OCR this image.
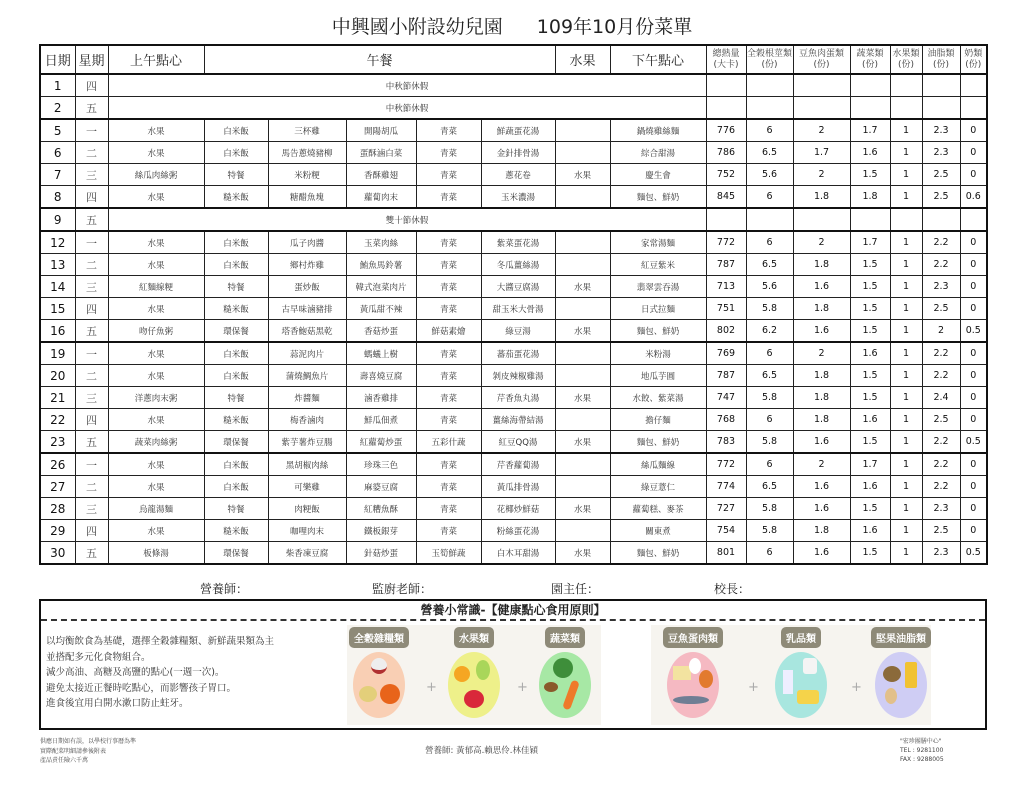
中興國小附設幼兒園 109年10月份菜單
日期	星期	上午點心	午餐					水果	下午點心	總熱量(大卡)	全穀根莖類(份)	豆魚肉蛋類(份)	蔬菜類(份)	水果類(份)	油脂類(份)	奶類(份)
1	四	中秋節休假														
2	五	中秋節休假														
5	一	水果	白米飯	三杯雞	開陽胡瓜	青菜	鮮蔬蛋花湯		鍋燒雞絲麵	776	6	2	1.7	1	2.3	0
6	二	水果	白米飯	馬告蔥燒豬柳	蛋酥滷白菜	青菜	金針排骨湯		綜合甜湯	786	6.5	1.7	1.6	1	2.3	0
7	三	絲瓜肉絲粥	特餐	米粉粳	香酥雞翅	青菜	蔥花卷	水果	慶生會	752	5.6	2	1.5	1	2.5	0
8	四	水果	糙米飯	糖醋魚塊	蘿蔔肉末	青菜	玉米濃湯		麵包、鮮奶	845	6	1.8	1.8	1	2.5	0.6
9	五	雙十節休假														
12	一	水果	白米飯	瓜子肉醬	玉菜肉絲	青菜	紫菜蛋花湯		家常湯麵	772	6	2	1.7	1	2.2	0
13	二	水果	白米飯	鄉村炸雞	鮪魚馬鈴薯	青菜	冬瓜薑絲湯		紅豆紫米	787	6.5	1.8	1.5	1	2.2	0
14	三	紅麵線粳	特餐	蛋炒飯	韓式泡菜肉片	青菜	大醬豆腐湯	水果	翡翠雲吞湯	713	5.6	1.6	1.5	1	2.3	0
15	四	水果	糙米飯	古早味滷豬排	黃瓜甜不辣	青菜	甜玉米大骨湯		日式拉麵	751	5.8	1.8	1.5	1	2.5	0
16	五	吻仔魚粥	環保餐	塔香鮑菇黑乾	香菇炒蛋	鮮菇素燴	綠豆湯	水果	麵包、鮮奶	802	6.2	1.6	1.5	1	2	0.5
19	一	水果	白米飯	蒜泥肉片	螞蟻上樹	青菜	蕃茄蛋花湯		米粉湯	769	6	2	1.6	1	2.2	0
20	二	水果	白米飯	蒲燒鯛魚片	壽喜燒豆腐	青菜	剝皮辣椒雞湯		地瓜芋圓	787	6.5	1.8	1.5	1	2.2	0
21	三	洋蔥肉末粥	特餐	炸醬麵	滷香雞排	青菜	芹香魚丸湯	水果	水餃、紫菜湯	747	5.8	1.8	1.5	1	2.4	0
22	四	水果	糙米飯	梅香滷肉	鮮瓜佃煮	青菜	薑絲海帶結湯		擔仔麵	768	6	1.8	1.6	1	2.5	0
23	五	蔬菜肉絲粥	環保餐	紫芋薯炸豆腸	紅蘿蔔炒蛋	五彩什蔬	紅豆QQ湯	水果	麵包、鮮奶	783	5.8	1.6	1.5	1	2.2	0.5
26	一	水果	白米飯	黑胡椒肉絲	珍珠三色	青菜	芹香蘿蔔湯		絲瓜麵線	772	6	2	1.7	1	2.2	0
27	二	水果	白米飯	可樂雞	麻婆豆腐	青菜	黃瓜排骨湯		綠豆薏仁	774	6.5	1.6	1.6	1	2.2	0
28	三	烏龍湯麵	特餐	肉粳飯	紅糟魚酥	青菜	花椰炒鮮菇	水果	蘿蔔糕、麥茶	727	5.8	1.6	1.5	1	2.3	0
29	四	水果	糙米飯	咖哩肉末	鐵板銀芽	青菜	粉絲蛋花湯		關東煮	754	5.8	1.8	1.6	1	2.5	0
30	五	板條湯	環保餐	柴香凍豆腐	針菇炒蛋	玉筍鮮蔬	白木耳甜湯	水果	麵包、鮮奶	801	6	1.6	1.5	1	2.3	0.5
營養師：	監廚老師：	園主任：	校長：
營養小常識-【健康點心食用原則】
以均衡飲食為基礎，選擇全穀雜糧類、新鮮蔬果類為主
並搭配多元化食物組合。
減少高油、高糖及高鹽的點心(一週一次)。
避免太接近正餐時吃點心，而影響孩子胃口。
進食後宜用白開水漱口防止蛀牙。
全穀雜糧類
+
水果類
+
蔬菜類	豆魚蛋肉類
+
乳品類
+
堅果油脂類
供應日期如有誤，以學校行事曆為準
實際配菜明細請參後附表
產品責任險六千萬
營養師: 黃郁高.賴思伶.林佳穎
"宏珍團膳中心"
TEL : 9281100
FAX : 9288005
